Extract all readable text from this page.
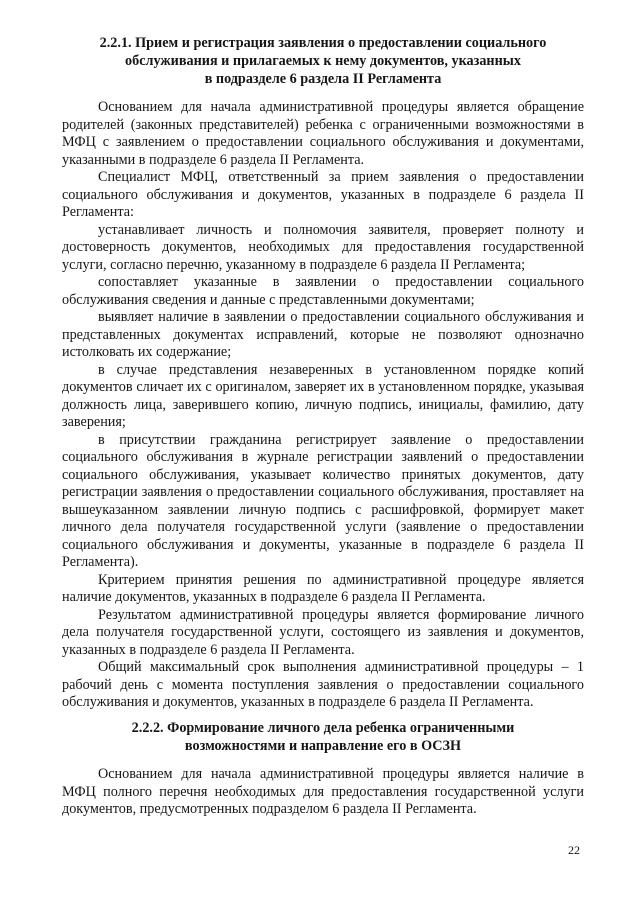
2.2.1. Прием и регистрация заявления о предоставлении социального
обслуживания и прилагаемых к нему документов, указанных
в подразделе 6 раздела II Регламента

Основанием для начала административной процедуры является обращение родителей (законных представителей) ребенка с ограниченными возможностями в МФЦ с заявлением о предоставлении социального обслуживания и документами, указанными в подразделе 6 раздела II Регламента.

Специалист МФЦ, ответственный за прием заявления о предоставлении социального обслуживания и документов, указанных в подразделе 6 раздела II Регламента:

устанавливает личность и полномочия заявителя, проверяет полноту и достоверность документов, необходимых для предоставления государственной услуги, согласно перечню, указанному в подразделе 6 раздела II Регламента;

сопоставляет указанные в заявлении о предоставлении социального обслуживания сведения и данные с представленными документами;

выявляет наличие в заявлении о предоставлении социального обслуживания и представленных документах исправлений, которые не позволяют однозначно истолковать их содержание;

в случае представления незаверенных в установленном порядке копий документов сличает их с оригиналом, заверяет их в установленном порядке, указывая должность лица, заверившего копию, личную подпись, инициалы, фамилию, дату заверения;

в присутствии гражданина регистрирует заявление о предоставлении социального обслуживания в журнале регистрации заявлений о предоставлении социального обслуживания, указывает количество принятых документов, дату регистрации заявления о предоставлении социального обслуживания, проставляет на вышеуказанном заявлении личную подпись с расшифровкой, формирует макет личного дела получателя государственной услуги (заявление о предоставлении социального обслуживания и документы, указанные в подразделе 6 раздела II Регламента).

Критерием принятия решения по административной процедуре является наличие документов, указанных в подразделе 6 раздела II Регламента.

Результатом административной процедуры является формирование личного дела получателя государственной услуги, состоящего из заявления и документов, указанных в подразделе 6 раздела II Регламента.

Общий максимальный срок выполнения административной процедуры – 1 рабочий день с момента поступления заявления о предоставлении социального обслуживания и документов, указанных в подразделе 6 раздела II Регламента.

2.2.2. Формирование личного дела ребенка ограниченными
возможностями и направление его в ОСЗН

Основанием для начала административной процедуры является наличие в МФЦ полного перечня необходимых для предоставления государственной услуги документов, предусмотренных подразделом 6 раздела II Регламента.

22
